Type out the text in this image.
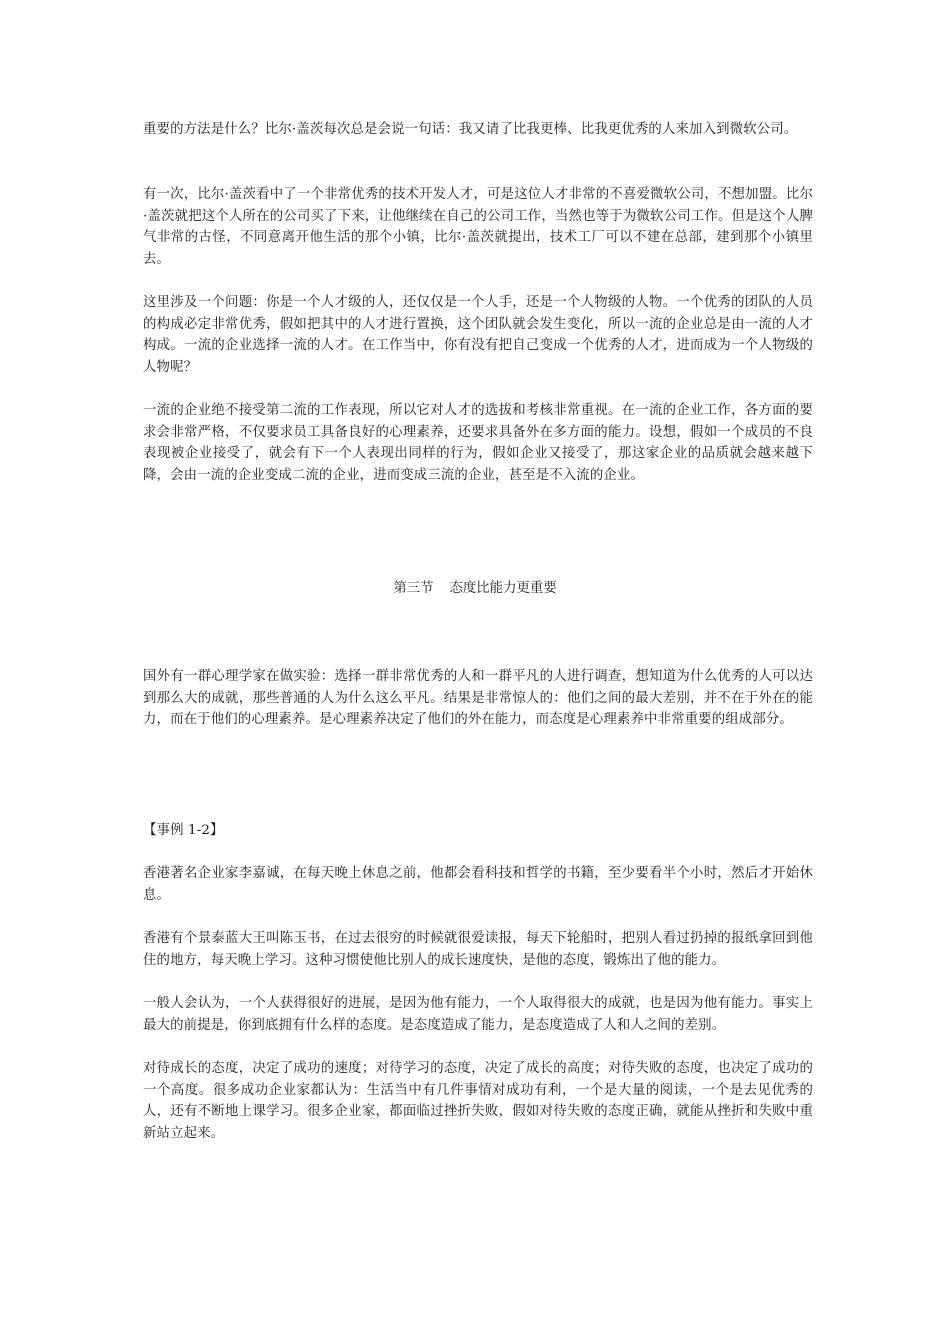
重要的方法是什么？比尔·盖茨每次总是会说一句话：我又请了比我更棒、比我更优秀的人来加入到微软公司。

有一次，比尔·盖茨看中了一个非常优秀的技术开发人才，可是这位人才非常的不喜爱微软公司，不想加盟。比尔·盖茨就把这个人所在的公司买了下来，让他继续在自己的公司工作，当然也等于为微软公司工作。但是这个人脾气非常的古怪，不同意离开他生活的那个小镇，比尔·盖茨就提出，技术工厂可以不建在总部，建到那个小镇里去。

这里涉及一个问题：你是一个人才级的人，还仅仅是一个人手，还是一个人物级的人物。一个优秀的团队的人员的构成必定非常优秀，假如把其中的人才进行置换，这个团队就会发生变化，所以一流的企业总是由一流的人才构成。一流的企业选择一流的人才。在工作当中，你有没有把自己变成一个优秀的人才，进而成为一个人物级的人物呢？

一流的企业绝不接受第二流的工作表现，所以它对人才的选拔和考核非常重视。在一流的企业工作，各方面的要求会非常严格，不仅要求员工具备良好的心理素养，还要求具备外在多方面的能力。设想，假如一个成员的不良表现被企业接受了，就会有下一个人表现出同样的行为，假如企业又接受了，那这家企业的品质就会越来越下降，会由一流的企业变成二流的企业，进而变成三流的企业，甚至是不入流的企业。

第三节 态度比能力更重要

国外有一群心理学家在做实验：选择一群非常优秀的人和一群平凡的人进行调查，想知道为什么优秀的人可以达到那么大的成就，那些普通的人为什么这么平凡。结果是非常惊人的：他们之间的最大差别，并不在于外在的能力，而在于他们的心理素养。是心理素养决定了他们的外在能力，而态度是心理素养中非常重要的组成部分。

【事例 1-2】

香港著名企业家李嘉诚，在每天晚上休息之前，他都会看科技和哲学的书籍，至少要看半个小时，然后才开始休息。

香港有个景泰蓝大王叫陈玉书，在过去很穷的时候就很爱读报，每天下轮船时，把别人看过扔掉的报纸拿回到他住的地方，每天晚上学习。这种习惯使他比别人的成长速度快，是他的态度，锻炼出了他的能力。

一般人会认为，一个人获得很好的进展，是因为他有能力，一个人取得很大的成就，也是因为他有能力。事实上最大的前提是，你到底拥有什么样的态度。是态度造成了能力，是态度造成了人和人之间的差别。

对待成长的态度，决定了成功的速度；对待学习的态度，决定了成长的高度；对待失败的态度，也决定了成功的一个高度。很多成功企业家都认为：生活当中有几件事情对成功有利，一个是大量的阅读，一个是去见优秀的人，还有不断地上课学习。很多企业家，都面临过挫折失败，假如对待失败的态度正确，就能从挫折和失败中重新站立起来。
